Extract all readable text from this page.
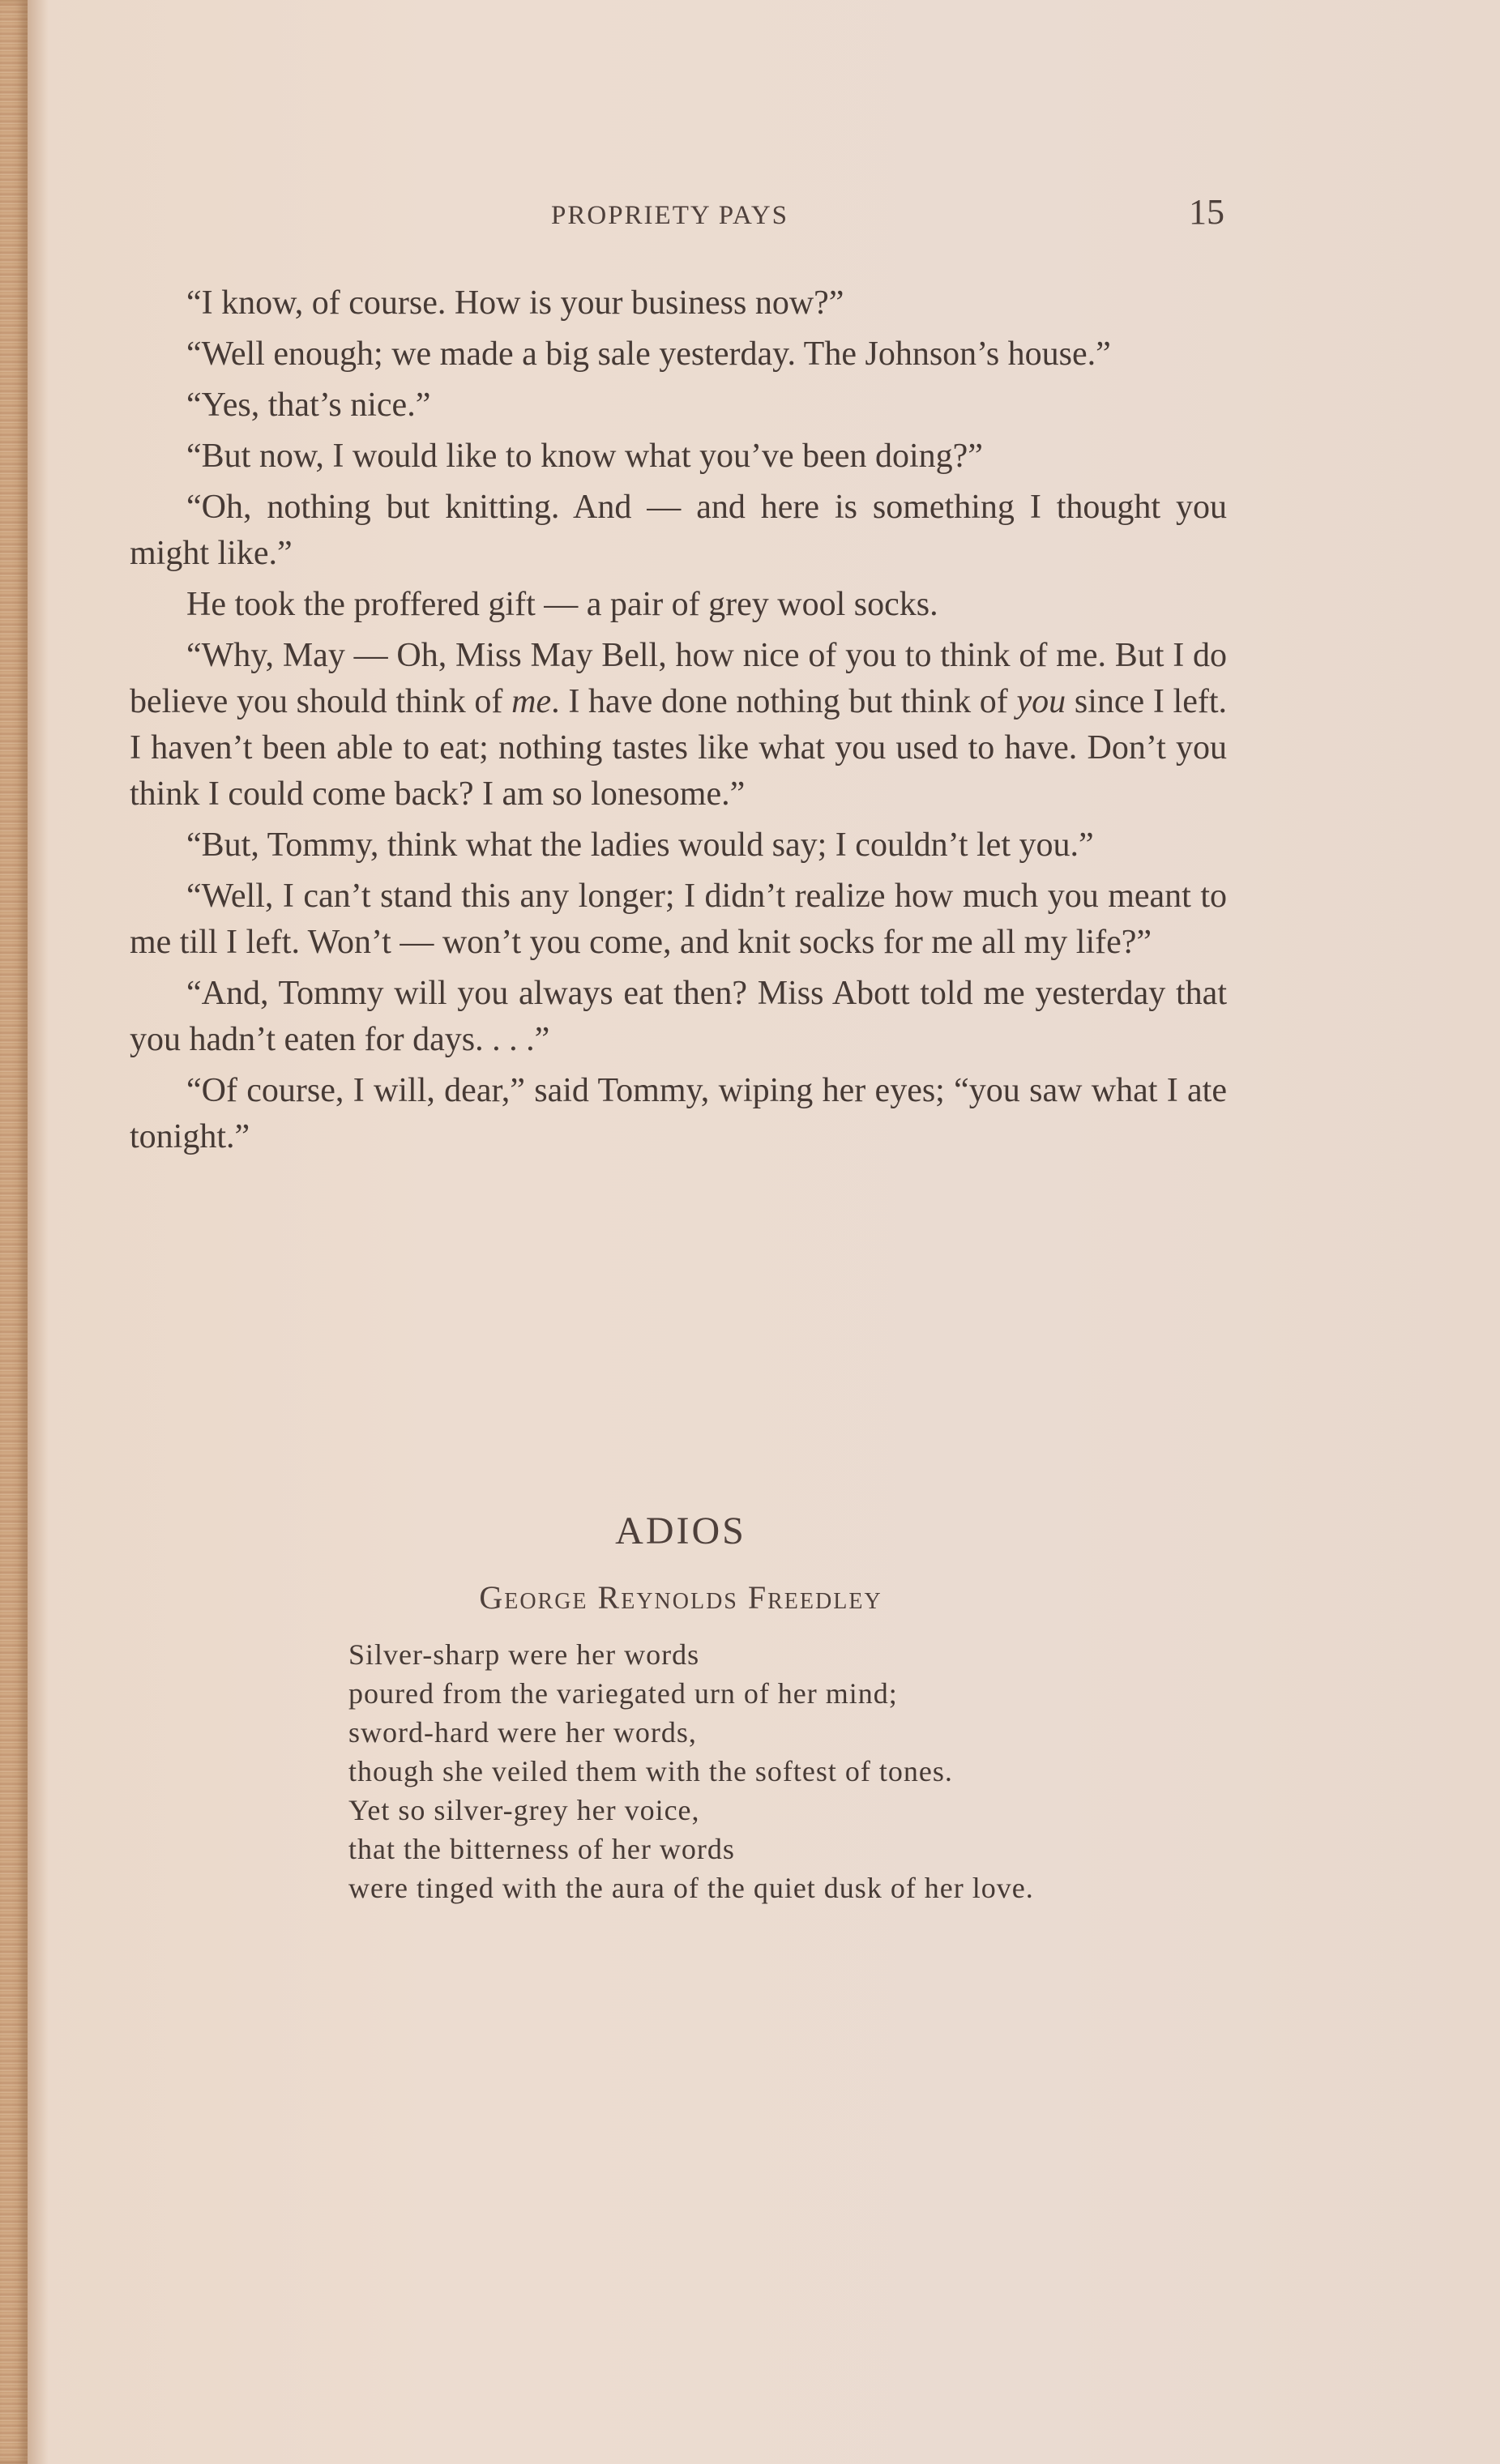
PROPRIETY PAYS	15

“I know, of course. How is your business now?”

“Well enough; we made a big sale yesterday. The Johnson’s house.”

“Yes, that’s nice.”

“But now, I would like to know what you’ve been doing?”

“Oh, nothing but knitting. And — and here is something I thought you might like.”

He took the proffered gift — a pair of grey wool socks.

“Why, May — Oh, Miss May Bell, how nice of you to think of me. But I do believe you should think of me. I have done nothing but think of you since I left. I haven’t been able to eat; nothing tastes like what you used to have. Don’t you think I could come back? I am so lonesome.”

“But, Tommy, think what the ladies would say; I couldn’t let you.”

“Well, I can’t stand this any longer; I didn’t realize how much you meant to me till I left. Won’t — won’t you come, and knit socks for me all my life?”

“And, Tommy will you always eat then? Miss Abott told me yesterday that you hadn’t eaten for days. . . .”

“Of course, I will, dear,” said Tommy, wiping her eyes; “you saw what I ate tonight.”

ADIOS
George Reynolds Freedley
Silver-sharp were her words
poured from the variegated urn of her mind;
sword-hard were her words,
though she veiled them with the softest of tones.
Yet so silver-grey her voice,
that the bitterness of her words
were tinged with the aura of the quiet dusk of her love.
